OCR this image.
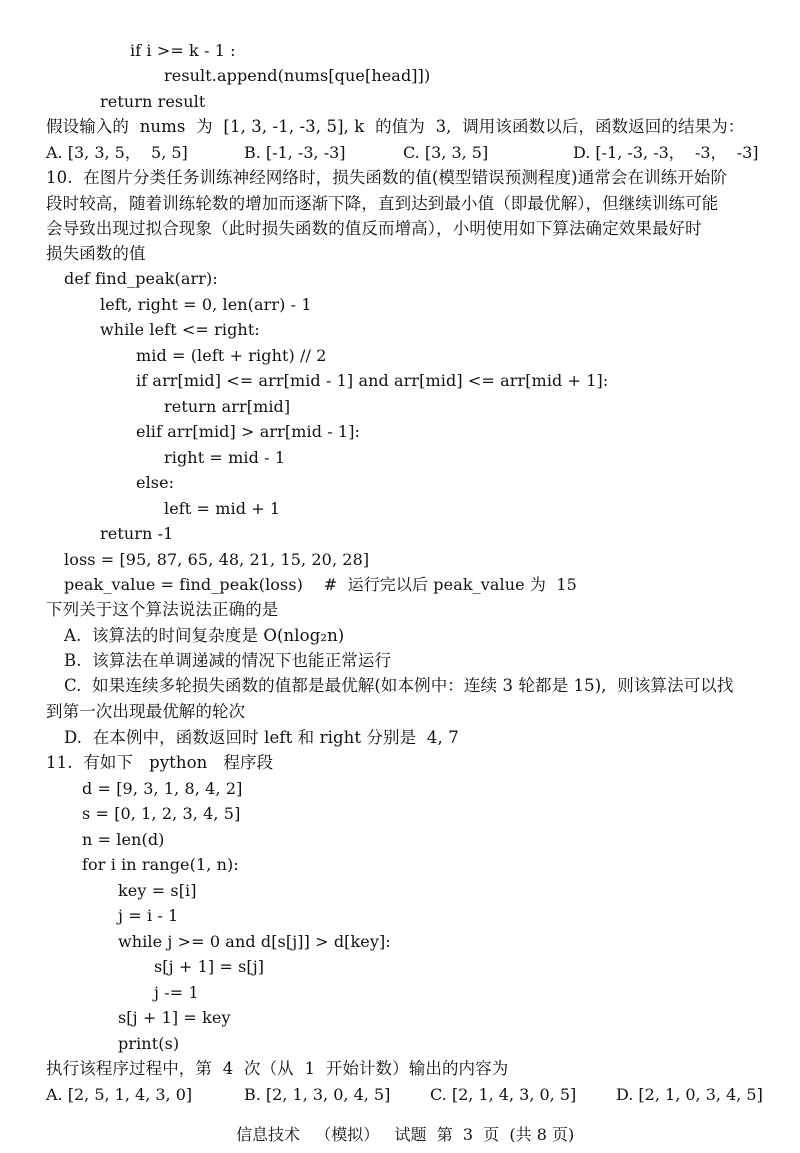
if i >= k - 1 :
result.append(nums[que[head]])
return result
假设输入的  nums  为  [1, 3, -1, -3, 5], k  的值为  3,  调用该函数以后，函数返回的结果为：
A. [3, 3, 5，  5, 5]	B. [-1, -3, -3]	C. [3, 3, 5]	D. [-1, -3, -3，  -3，  -3]
10.  在图片分类任务训练神经网络时，损失函数的值(模型错误预测程度)通常会在训练开始阶
段时较高，随着训练轮数的增加而逐渐下降，直到达到最小值（即最优解），但继续训练可能
会导致出现过拟合现象（此时损失函数的值反而增高），小明使用如下算法确定效果最好时
损失函数的值
def find_peak(arr):
left, right = 0, len(arr) - 1
while left <= right:
mid = (left + right) // 2
if arr[mid] <= arr[mid - 1] and arr[mid] <= arr[mid + 1]:
return arr[mid]
elif arr[mid] > arr[mid - 1]:
right = mid - 1
else:
left = mid + 1
return -1
loss = [95, 87, 65, 48, 21, 15, 20, 28]
peak_value = find_peak(loss)    #  运行完以后 peak_value 为  15
下列关于这个算法说法正确的是
A.  该算法的时间复杂度是 O(nlog₂n)
B.  该算法在单调递减的情况下也能正常运行
C.  如果连续多轮损失函数的值都是最优解(如本例中：连续 3 轮都是 15),  则该算法可以找
到第一次出现最优解的轮次
D.  在本例中，函数返回时 left 和 right 分别是  4, 7
11.  有如下   python   程序段
d = [9, 3, 1, 8, 4, 2]
s = [0, 1, 2, 3, 4, 5]
n = len(d)
for i in range(1, n):
key = s[i]
j = i - 1
while j >= 0 and d[s[j]] > d[key]:
s[j + 1] = s[j]
j -= 1
s[j + 1] = key
print(s)
执行该程序过程中，第  4  次（从  1  开始计数）输出的内容为
A. [2, 5, 1, 4, 3, 0]	B. [2, 1, 3, 0, 4, 5] C. [2, 1, 4, 3, 0, 5] D. [2, 1, 0, 3, 4, 5]
信息技术   （模拟）   试题  第  3  页  (共 8 页)
